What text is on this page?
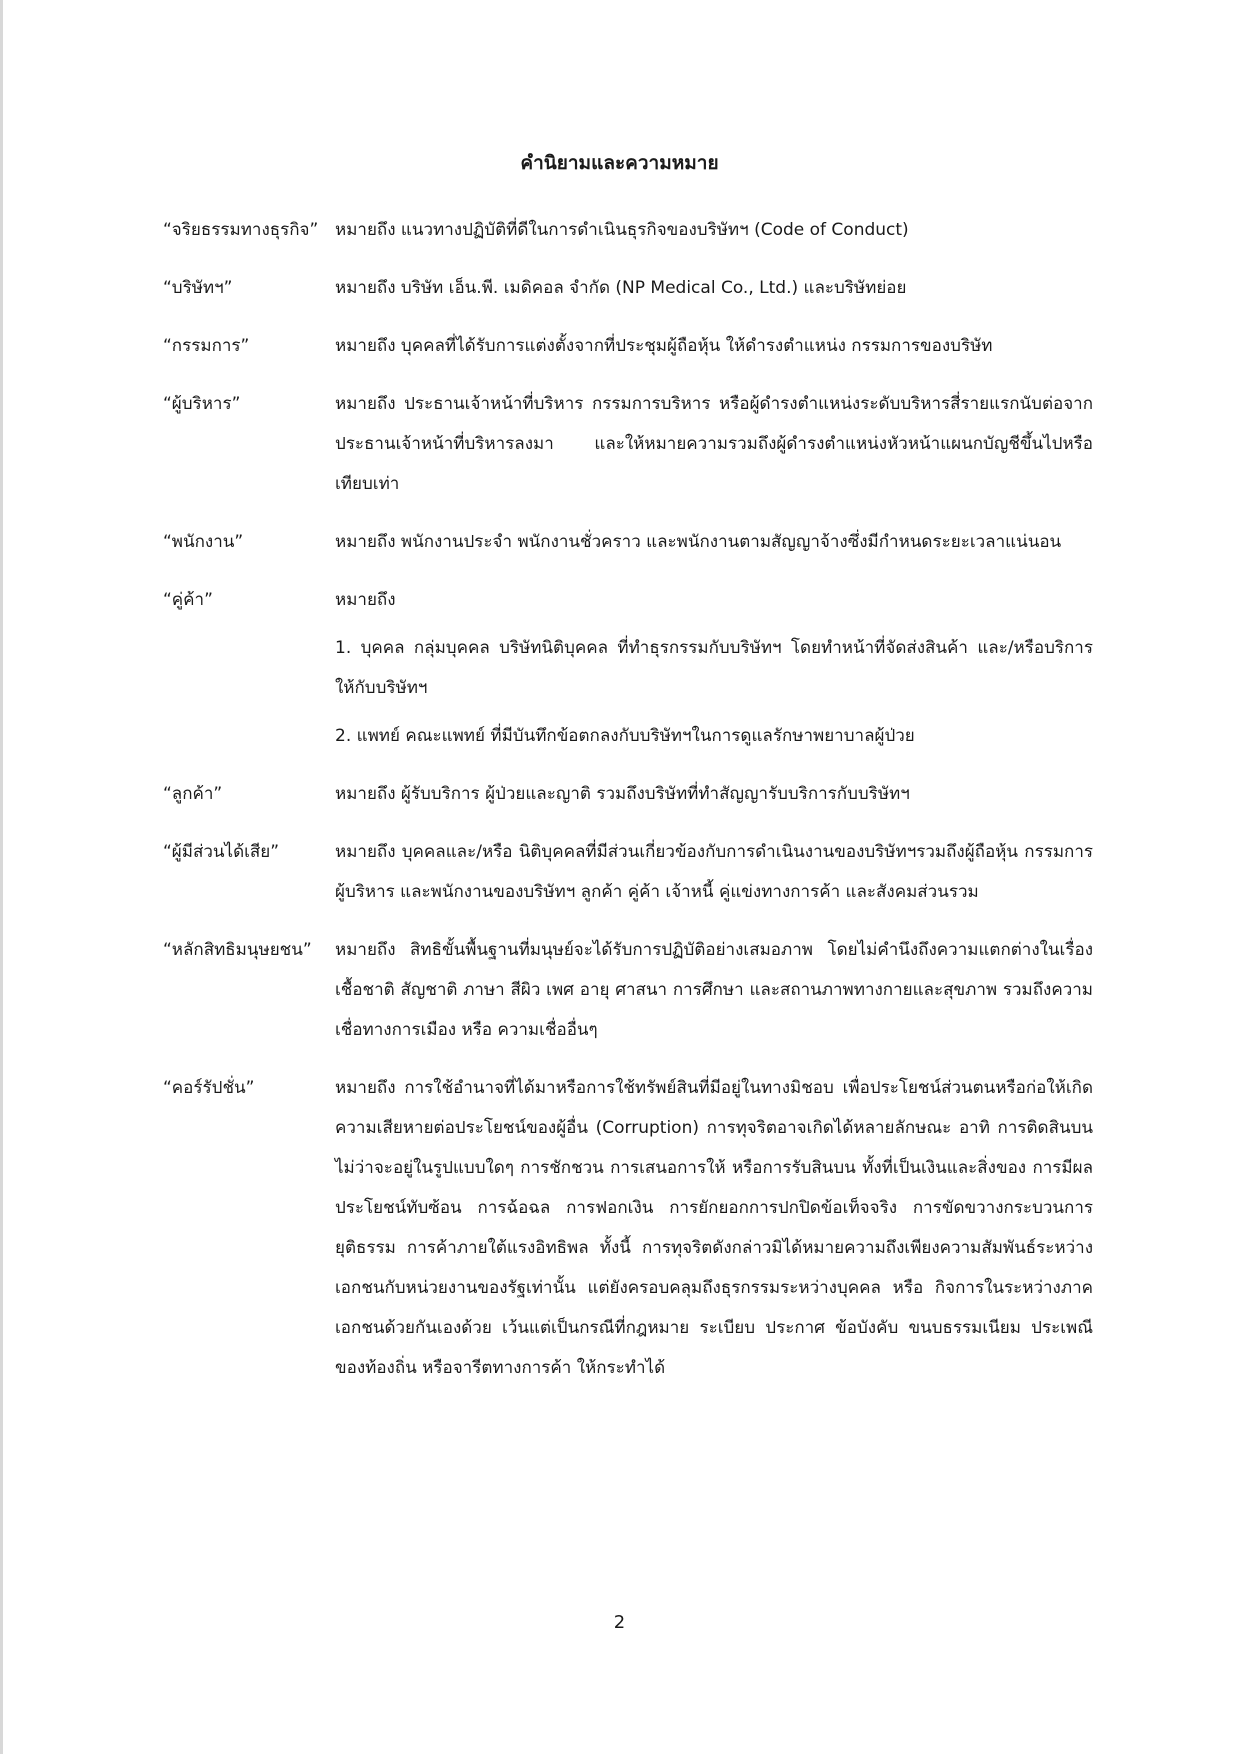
คำนิยามและความหมาย
“จริยธรรมทางธุรกิจ” หมายถึง แนวทางปฏิบัติที่ดีในการดำเนินธุรกิจของบริษัทฯ (Code of Conduct)
“บริษัทฯ”	หมายถึง บริษัท เอ็น.พี. เมดิคอล จำกัด (NP Medical Co., Ltd.) และบริษัทย่อย
“กรรมการ”	หมายถึง บุคคลที่ได้รับการแต่งตั้งจากที่ประชุมผู้ถือหุ้น ให้ดำรงตำแหน่ง กรรมการของบริษัท
“ผู้บริหาร”	หมายถึง ประธานเจ้าหน้าที่บริหาร กรรมการบริหาร หรือผู้ดำรงตำแหน่งระดับบริหารสี่รายแรกนับต่อจากประธานเจ้าหน้าที่บริหารลงมา และให้หมายความรวมถึงผู้ดำรงตำแหน่งหัวหน้าแผนกบัญชีขึ้นไปหรือเทียบเท่า
“พนักงาน”	หมายถึง พนักงานประจำ พนักงานชั่วคราว และพนักงานตามสัญญาจ้างซึ่งมีกำหนดระยะเวลาแน่นอน
“คู่ค้า”	หมายถึง
1. บุคคล กลุ่มบุคคล บริษัทนิติบุคคล ที่ทำธุรกรรมกับบริษัทฯ โดยทำหน้าที่จัดส่งสินค้า และ/หรือบริการ ให้กับบริษัทฯ
2. แพทย์ คณะแพทย์ ที่มีบันทึกข้อตกลงกับบริษัทฯในการดูแลรักษาพยาบาลผู้ป่วย
“ลูกค้า”	หมายถึง ผู้รับบริการ ผู้ป่วยและญาติ รวมถึงบริษัทที่ทำสัญญารับบริการกับบริษัทฯ
“ผู้มีส่วนได้เสีย”	หมายถึง บุคคลและ/หรือ นิติบุคคลที่มีส่วนเกี่ยวข้องกับการดำเนินงานของบริษัทฯรวมถึงผู้ถือหุ้น กรรมการ ผู้บริหาร และพนักงานของบริษัทฯ ลูกค้า คู่ค้า เจ้าหนี้ คู่แข่งทางการค้า และสังคมส่วนรวม
“หลักสิทธิมนุษยชน”	หมายถึง สิทธิขั้นพื้นฐานที่มนุษย์จะได้รับการปฏิบัติอย่างเสมอภาพ โดยไม่คำนึงถึงความแตกต่างในเรื่องเชื้อชาติ สัญชาติ ภาษา สีผิว เพศ อายุ ศาสนา การศึกษา และสถานภาพทางกายและสุขภาพ รวมถึงความเชื่อทางการเมือง หรือ ความเชื่ออื่นๆ
“คอร์รัปชั่น”	หมายถึง การใช้อำนาจที่ได้มาหรือการใช้ทรัพย์สินที่มีอยู่ในทางมิชอบ เพื่อประโยชน์ส่วนตนหรือก่อให้เกิดความเสียหายต่อประโยชน์ของผู้อื่น (Corruption) การทุจริตอาจเกิดได้หลายลักษณะ อาทิ การติดสินบนไม่ว่าจะอยู่ในรูปแบบใดๆ การชักชวน การเสนอการให้ หรือการรับสินบน ทั้งที่เป็นเงินและสิ่งของ การมีผลประโยชน์ทับซ้อน การฉ้อฉล การฟอกเงิน การยักยอกการปกปิดข้อเท็จจริง การขัดขวางกระบวนการยุติธรรม การค้าภายใต้แรงอิทธิพล ทั้งนี้ การทุจริตดังกล่าวมิได้หมายความถึงเพียงความสัมพันธ์ระหว่างเอกชนกับหน่วยงานของรัฐเท่านั้น แต่ยังครอบคลุมถึงธุรกรรมระหว่างบุคคล หรือ กิจการในระหว่างภาคเอกชนด้วยกันเองด้วย เว้นแต่เป็นกรณีที่กฎหมาย ระเบียบ ประกาศ ข้อบังคับ ขนบธรรมเนียม ประเพณีของท้องถิ่น หรือจารีตทางการค้า ให้กระทำได้
2
